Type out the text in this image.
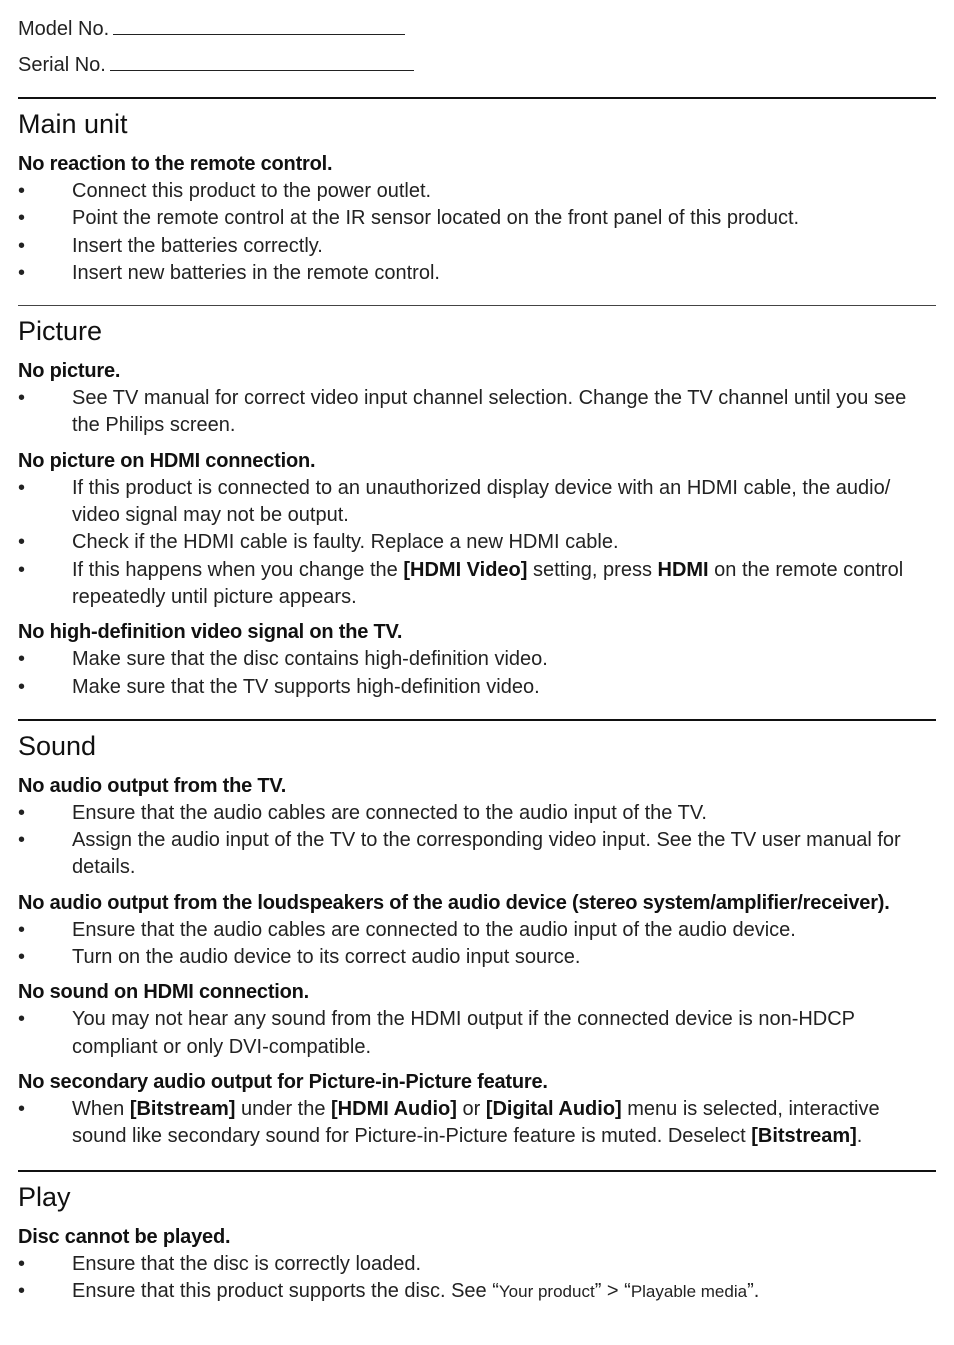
Model No.
Serial No.
Main unit

No reaction to the remote control.

•	Connect this product to the power outlet.
•	Point the remote control at the IR sensor located on the front panel of this product.
•	Insert the batteries correctly.
•	Insert new batteries in the remote control.
Picture

No picture.

•	See TV manual for correct video input channel selection. Change the TV channel until you see the Philips screen.

No picture on HDMI connection.

•	If this product is connected to an unauthorized display device with an HDMI cable, the audio/ video signal may not be output.
•	Check if the HDMI cable is faulty. Replace a new HDMI cable.
•	If this happens when you change the [HDMI Video] setting, press HDMI on the remote control repeatedly until picture appears.

No high-definition video signal on the TV.

•	Make sure that the disc contains high-definition video.
•	Make sure that the TV supports high-definition video.
Sound

No audio output from the TV.

•	Ensure that the audio cables are connected to the audio input of the TV.
•	Assign the audio input of the TV to the corresponding video input. See the TV user manual for details.

No audio output from the loudspeakers of the audio device (stereo system/amplifier/receiver).

•	Ensure that the audio cables are connected to the audio input of the audio device.
•	Turn on the audio device to its correct audio input source.

No sound on HDMI connection.

•	You may not hear any sound from the HDMI output if the connected device is non-HDCP compliant or only DVI-compatible.

No secondary audio output for Picture-in-Picture feature.

•	When [Bitstream] under the [HDMI Audio] or [Digital Audio] menu is selected, interactive sound like secondary sound for Picture-in-Picture feature is muted. Deselect [Bitstream].
Play

Disc cannot be played.

•	Ensure that the disc is correctly loaded.
•	Ensure that this product supports the disc. See “Your product” > “Playable media”.
